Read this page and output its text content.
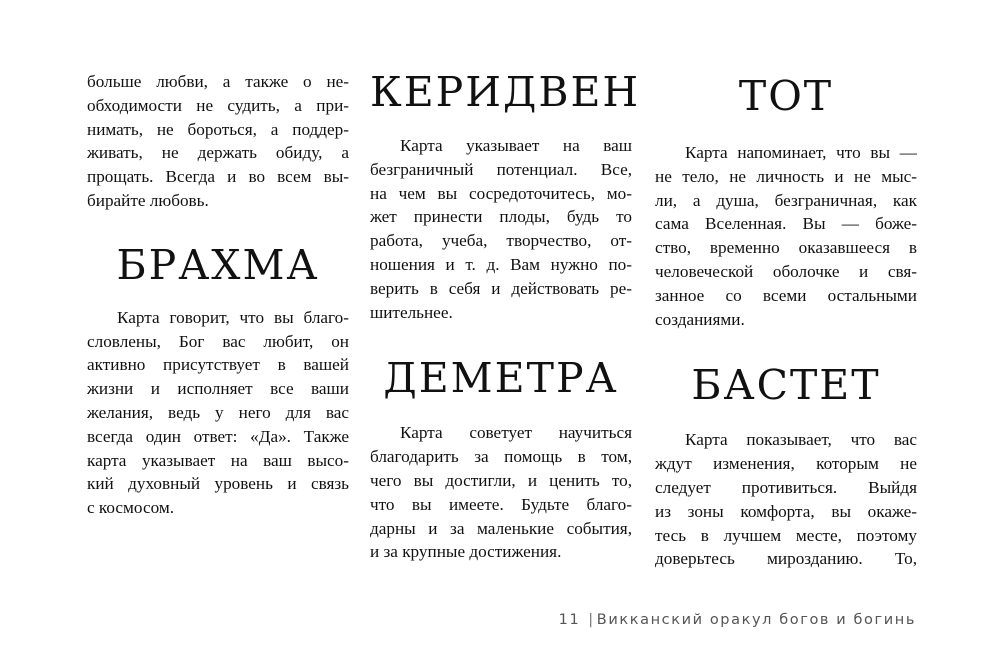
больше любви, а также о не-
обходимости не судить, а при-
нимать, не бороться, а поддер-
живать, не держать обиду, а
прощать. Всегда и во всем вы-
бирайте любовь.
БРАХМА
Карта говорит, что вы благо-
словлены, Бог вас любит, он
активно присутствует в вашей
жизни и исполняет все ваши
желания, ведь у него для вас
всегда один ответ: «Да». Также
карта указывает на ваш высо-
кий духовный уровень и связь
с космосом.
КЕРИДВЕН
Карта указывает на ваш
безграничный потенциал. Все,
на чем вы сосредоточитесь, мо-
жет принести плоды, будь то
работа, учеба, творчество, от-
ношения и т. д. Вам нужно по-
верить в себя и действовать ре-
шительнее.
ДЕМЕТРА
Карта советует научиться
благодарить за помощь в том,
чего вы достигли, и ценить то,
что вы имеете. Будьте благо-
дарны и за маленькие события,
и за крупные достижения.
ТОТ
Карта напоминает, что вы —
не тело, не личность и не мыс-
ли, а душа, безграничная, как
сама Вселенная. Вы — боже-
ство, временно оказавшееся в
человеческой оболочке и свя-
занное со всеми остальными
созданиями.
БАСТЕТ
Карта показывает, что вас
ждут изменения, которым не
следует противиться. Выйдя
из зоны комфорта, вы окаже-
тесь в лучшем месте, поэтому
доверьтесь мирозданию. То,
11 | Викканский оракул богов и богинь
